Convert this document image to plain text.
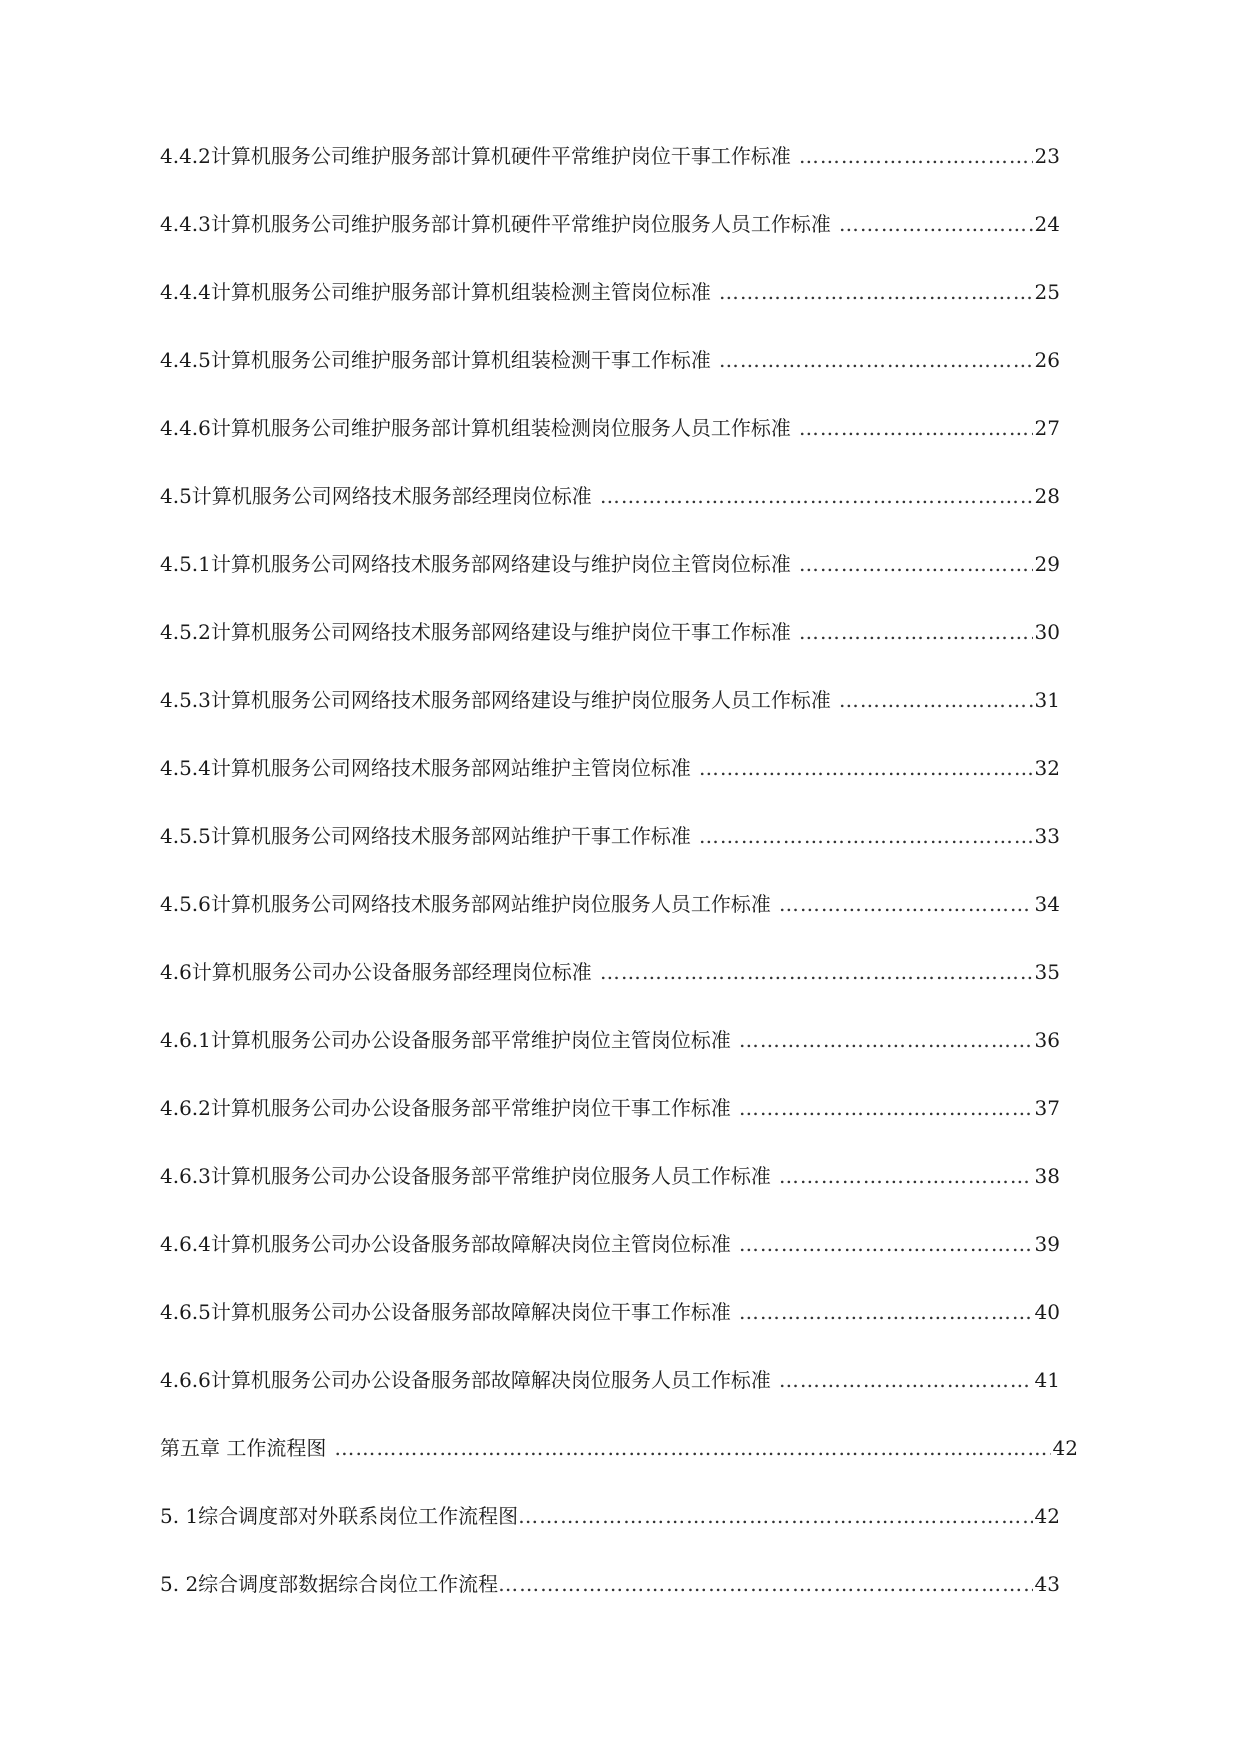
4.4.2计算机服务公司维护服务部计算机硬件平常维护岗位干事工作标准 ……………………………………………………………………………………………………………………………………………………………………………………………………	23
4.4.3计算机服务公司维护服务部计算机硬件平常维护岗位服务人员工作标准 ……………………………………………………………………………………………………………………………………………………………………………………………………	24
4.4.4计算机服务公司维护服务部计算机组装检测主管岗位标准 ……………………………………………………………………………………………………………………………………………………………………………………………………	25
4.4.5计算机服务公司维护服务部计算机组装检测干事工作标准 ……………………………………………………………………………………………………………………………………………………………………………………………………	26
4.4.6计算机服务公司维护服务部计算机组装检测岗位服务人员工作标准 ……………………………………………………………………………………………………………………………………………………………………………………………………	27
4.5计算机服务公司网络技术服务部经理岗位标准 ……………………………………………………………………………………………………………………………………………………………………………………………………	28
4.5.1计算机服务公司网络技术服务部网络建设与维护岗位主管岗位标准 ……………………………………………………………………………………………………………………………………………………………………………………………………	29
4.5.2计算机服务公司网络技术服务部网络建设与维护岗位干事工作标准 ……………………………………………………………………………………………………………………………………………………………………………………………………	30
4.5.3计算机服务公司网络技术服务部网络建设与维护岗位服务人员工作标准 ……………………………………………………………………………………………………………………………………………………………………………………………………	31
4.5.4计算机服务公司网络技术服务部网站维护主管岗位标准 ……………………………………………………………………………………………………………………………………………………………………………………………………	32
4.5.5计算机服务公司网络技术服务部网站维护干事工作标准 ……………………………………………………………………………………………………………………………………………………………………………………………………	33
4.5.6计算机服务公司网络技术服务部网站维护岗位服务人员工作标准 ……………………………………………………………………………………………………………………………………………………………………………………………………	34
4.6计算机服务公司办公设备服务部经理岗位标准 ……………………………………………………………………………………………………………………………………………………………………………………………………	35
4.6.1计算机服务公司办公设备服务部平常维护岗位主管岗位标准 ……………………………………………………………………………………………………………………………………………………………………………………………………	36
4.6.2计算机服务公司办公设备服务部平常维护岗位干事工作标准 ……………………………………………………………………………………………………………………………………………………………………………………………………	37
4.6.3计算机服务公司办公设备服务部平常维护岗位服务人员工作标准 ……………………………………………………………………………………………………………………………………………………………………………………………………	38
4.6.4计算机服务公司办公设备服务部故障解决岗位主管岗位标准 ……………………………………………………………………………………………………………………………………………………………………………………………………	39
4.6.5计算机服务公司办公设备服务部故障解决岗位干事工作标准 ……………………………………………………………………………………………………………………………………………………………………………………………………	40
4.6.6计算机服务公司办公设备服务部故障解决岗位服务人员工作标准 ……………………………………………………………………………………………………………………………………………………………………………………………………	41
第五章 工作流程图 ……………………………………………………………………………………………………………………………………………………………………………………………………	42
5. 1综合调度部对外联系岗位工作流程图 ……………………………………………………………………………………………………………………………………………………………………………………………………	42
5. 2综合调度部数据综合岗位工作流程 ……………………………………………………………………………………………………………………………………………………………………………………………………	43
